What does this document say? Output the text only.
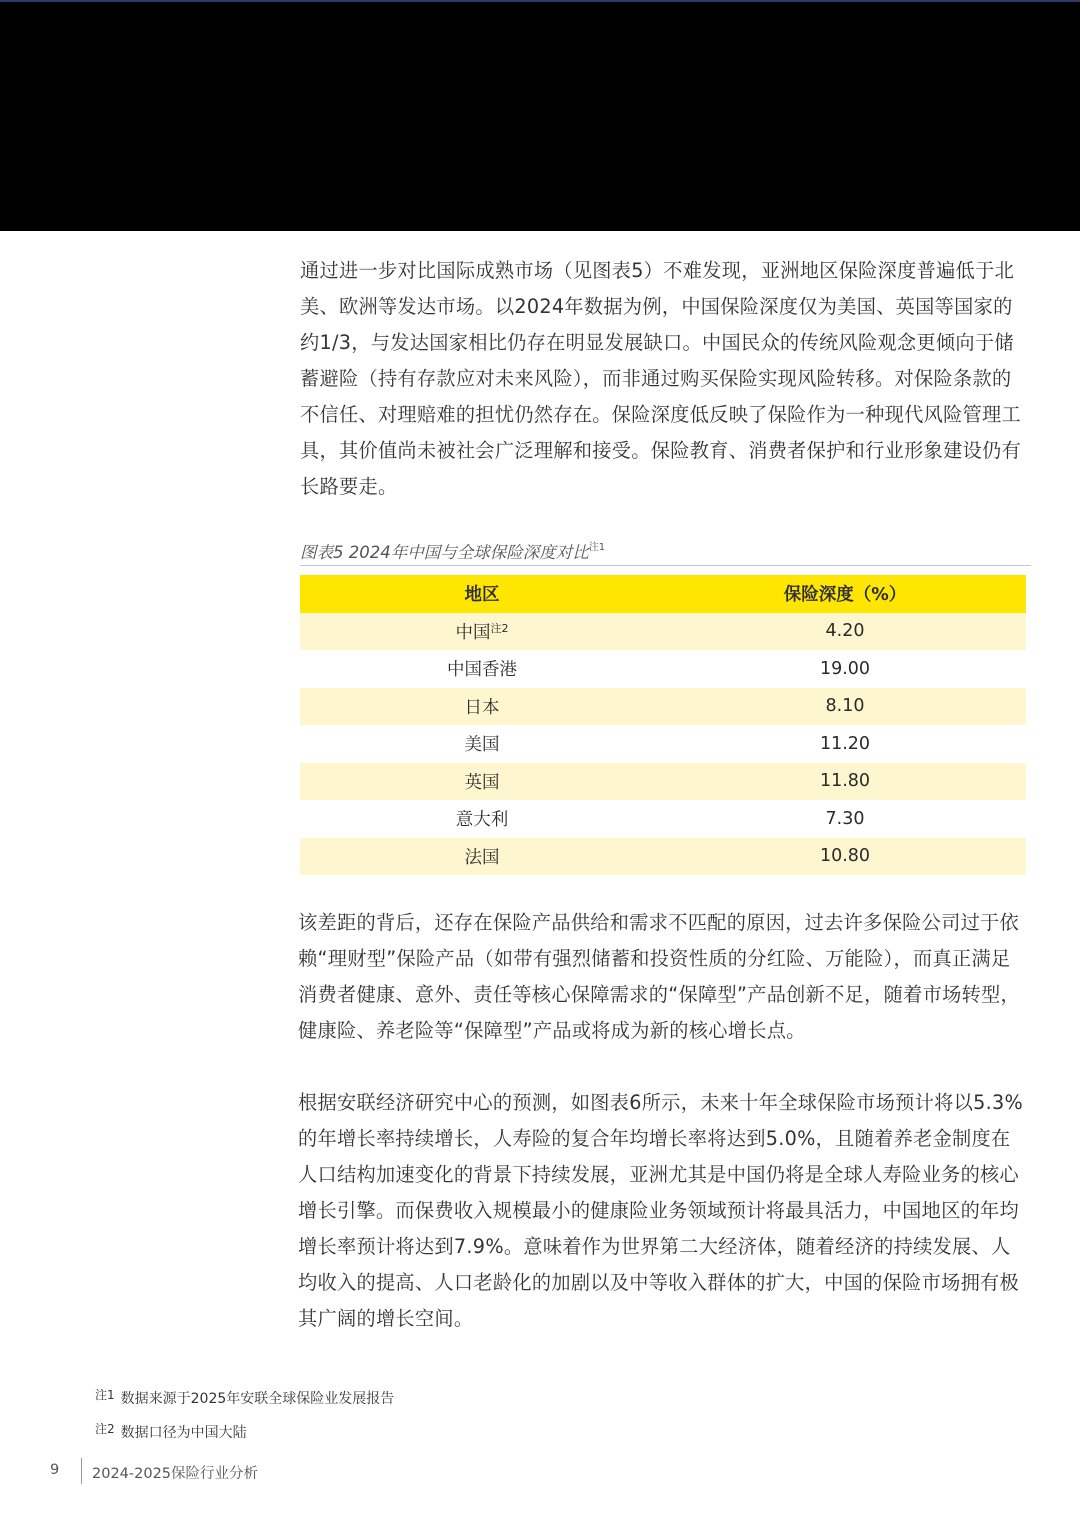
通过进一步对比国际成熟市场（见图表5）不难发现，亚洲地区保险深度普遍低于北美、欧洲等发达市场。以2024年数据为例，中国保险深度仅为美国、英国等国家的约1/3，与发达国家相比仍存在明显发展缺口。中国民众的传统风险观念更倾向于储蓄避险（持有存款应对未来风险），而非通过购买保险实现风险转移。对保险条款的不信任、对理赔难的担忧仍然存在。保险深度低反映了保险作为一种现代风险管理工具，其价值尚未被社会广泛理解和接受。保险教育、消费者保护和行业形象建设仍有长路要走。

图表5 2024年中国与全球保险深度对比$^{注1}$
地区	保险深度（%）
中国$^{注2}$	4.20
中国香港	19.00
日本	8.10
美国	11.20
英国	11.80
意大利	7.30
法国	10.80

该差距的背后，还存在保险产品供给和需求不匹配的原因，过去许多保险公司过于依赖“理财型”保险产品（如带有强烈储蓄和投资性质的分红险、万能险），而真正满足消费者健康、意外、责任等核心保障需求的“保障型”产品创新不足，随着市场转型，健康险、养老险等“保障型”产品或将成为新的核心增长点。

根据安联经济研究中心的预测，如图表6所示，未来十年全球保险市场预计将以5.3%的年增长率持续增长，人寿险的复合年均增长率将达到5.0%，且随着养老金制度在人口结构加速变化的背景下持续发展，亚洲尤其是中国仍将是全球人寿险业务的核心增长引擎。而保费收入规模最小的健康险业务领域预计将最具活力，中国地区的年均增长率预计将达到7.9%。意味着作为世界第二大经济体，随着经济的持续发展、人均收入的提高、人口老龄化的加剧以及中等收入群体的扩大，中国的保险市场拥有极其广阔的增长空间。

$^{注1}$ 数据来源于2025年安联全球保险业发展报告
$^{注2}$ 数据口径为中国大陆
9 2024-2025保险行业分析
